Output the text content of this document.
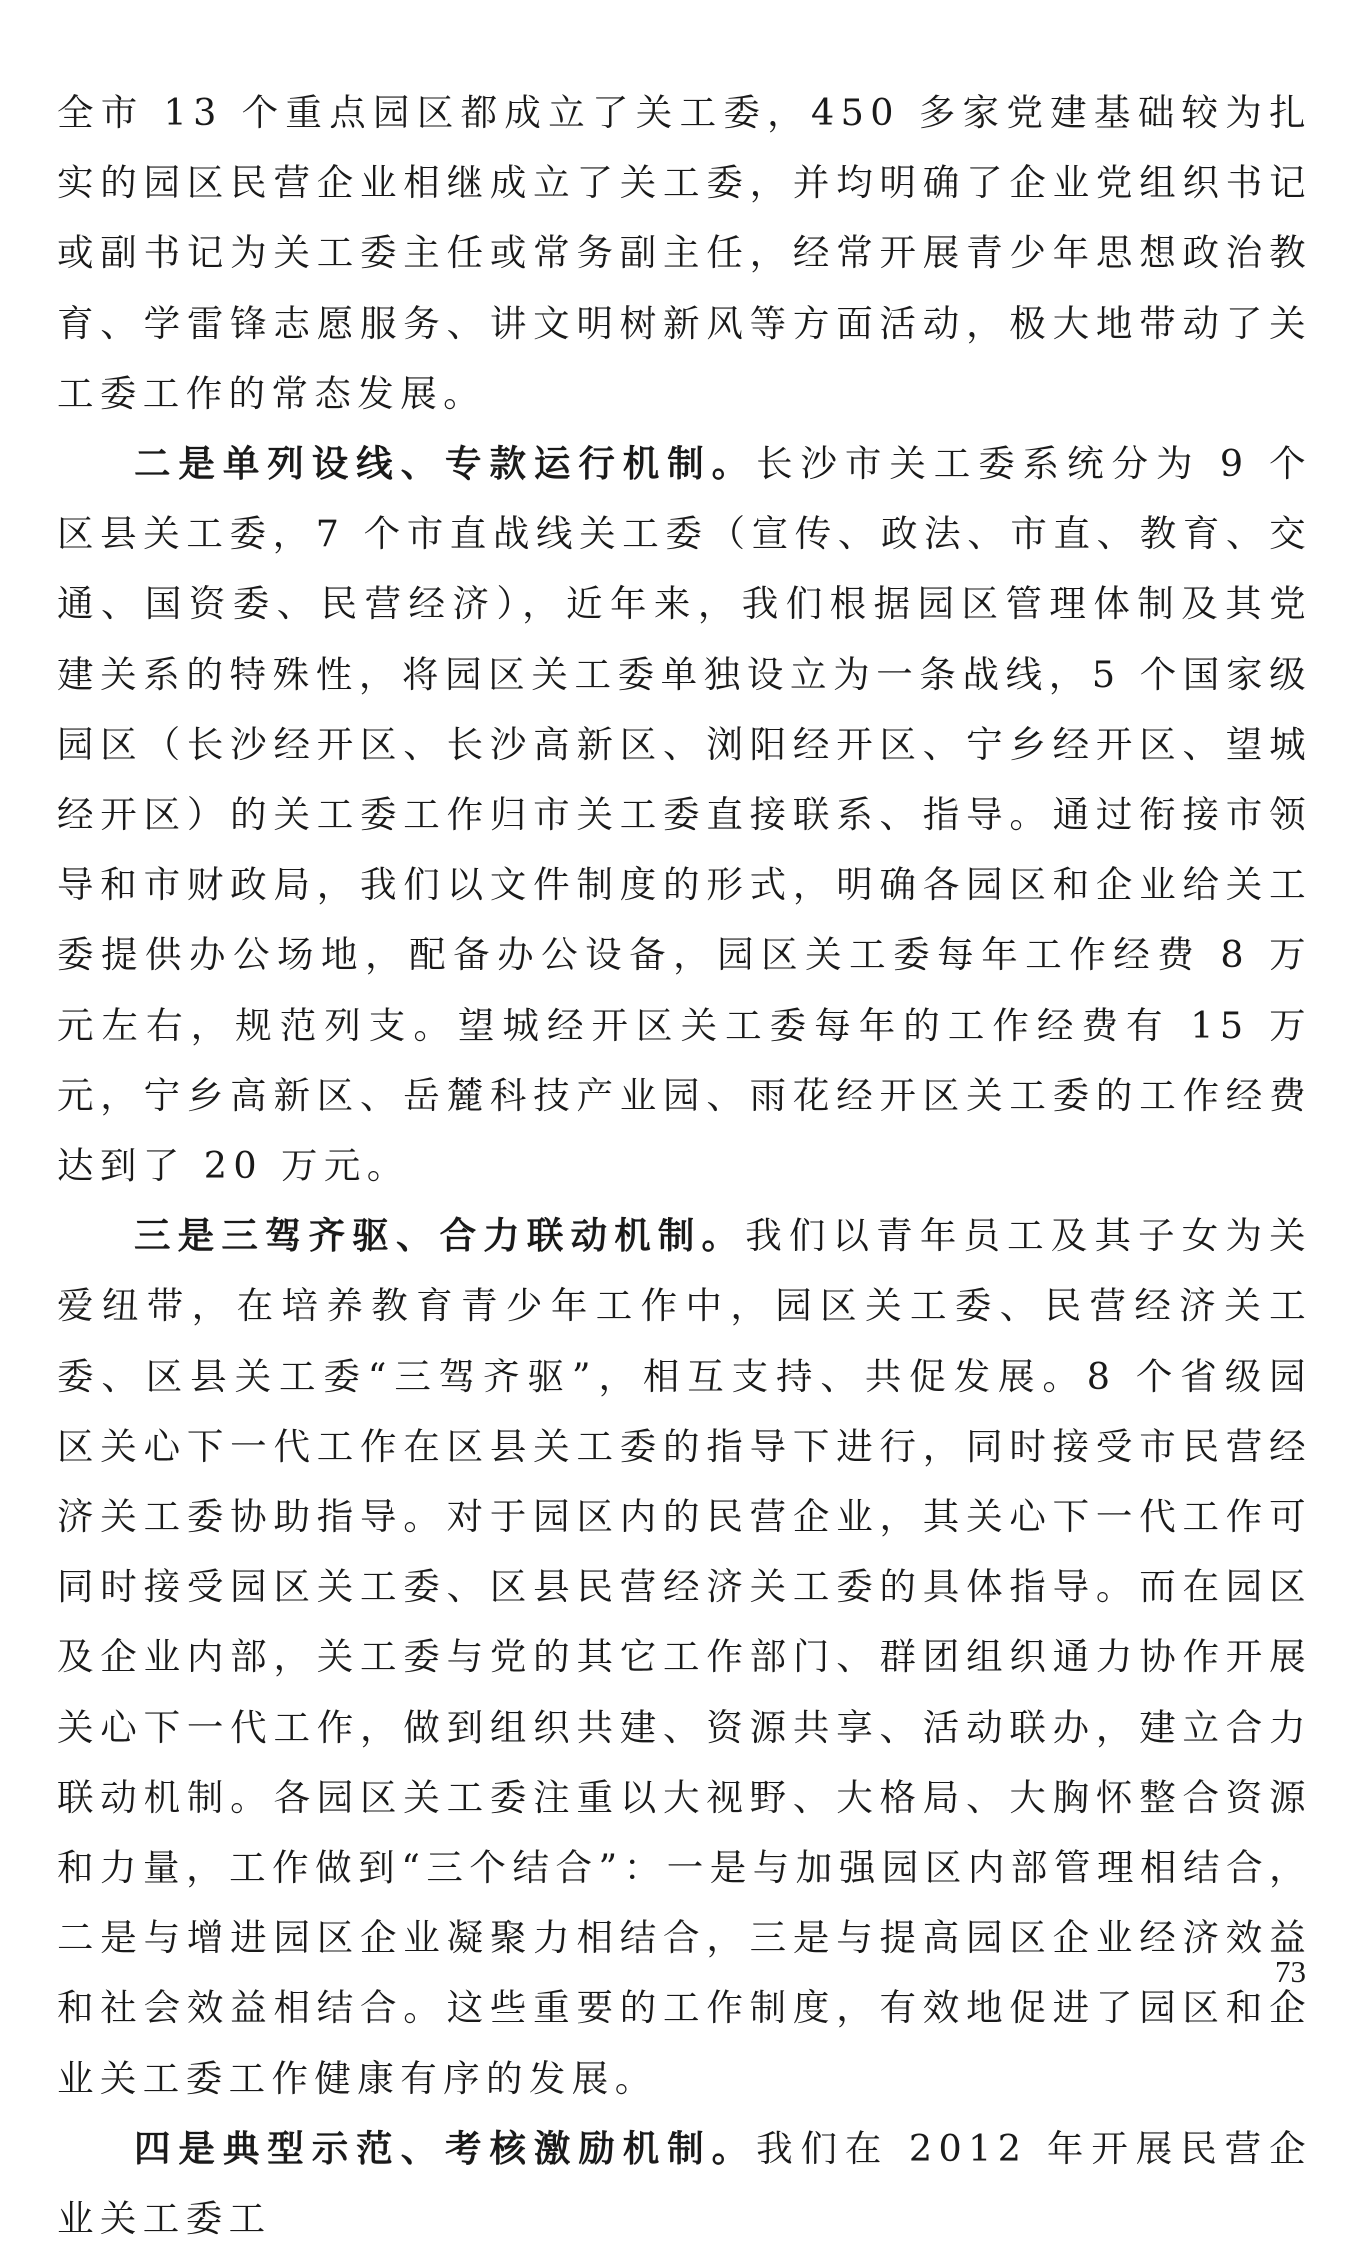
全市 13 个重点园区都成立了关工委，450 多家党建基础较为扎实的园区民营企业相继成立了关工委，并均明确了企业党组织书记或副书记为关工委主任或常务副主任，经常开展青少年思想政治教育、学雷锋志愿服务、讲文明树新风等方面活动，极大地带动了关工委工作的常态发展。

二是单列设线、专款运行机制。长沙市关工委系统分为 9 个区县关工委，7 个市直战线关工委（宣传、政法、市直、教育、交通、国资委、民营经济），近年来，我们根据园区管理体制及其党建关系的特殊性，将园区关工委单独设立为一条战线，5 个国家级园区（长沙经开区、长沙高新区、浏阳经开区、宁乡经开区、望城经开区）的关工委工作归市关工委直接联系、指导。通过衔接市领导和市财政局，我们以文件制度的形式，明确各园区和企业给关工委提供办公场地，配备办公设备，园区关工委每年工作经费 8 万元左右，规范列支。望城经开区关工委每年的工作经费有 15 万元，宁乡高新区、岳麓科技产业园、雨花经开区关工委的工作经费达到了 20 万元。

三是三驾齐驱、合力联动机制。我们以青年员工及其子女为关爱纽带，在培养教育青少年工作中，园区关工委、民营经济关工委、区县关工委“三驾齐驱”，相互支持、共促发展。8 个省级园区关心下一代工作在区县关工委的指导下进行，同时接受市民营经济关工委协助指导。对于园区内的民营企业，其关心下一代工作可同时接受园区关工委、区县民营经济关工委的具体指导。而在园区及企业内部，关工委与党的其它工作部门、群团组织通力协作开展关心下一代工作，做到组织共建、资源共享、活动联办，建立合力联动机制。各园区关工委注重以大视野、大格局、大胸怀整合资源和力量，工作做到“三个结合”：一是与加强园区内部管理相结合，二是与增进园区企业凝聚力相结合，三是与提高园区企业经济效益和社会效益相结合。这些重要的工作制度，有效地促进了园区和企业关工委工作健康有序的发展。

四是典型示范、考核激励机制。我们在 2012 年开展民营企业关工委工

73
